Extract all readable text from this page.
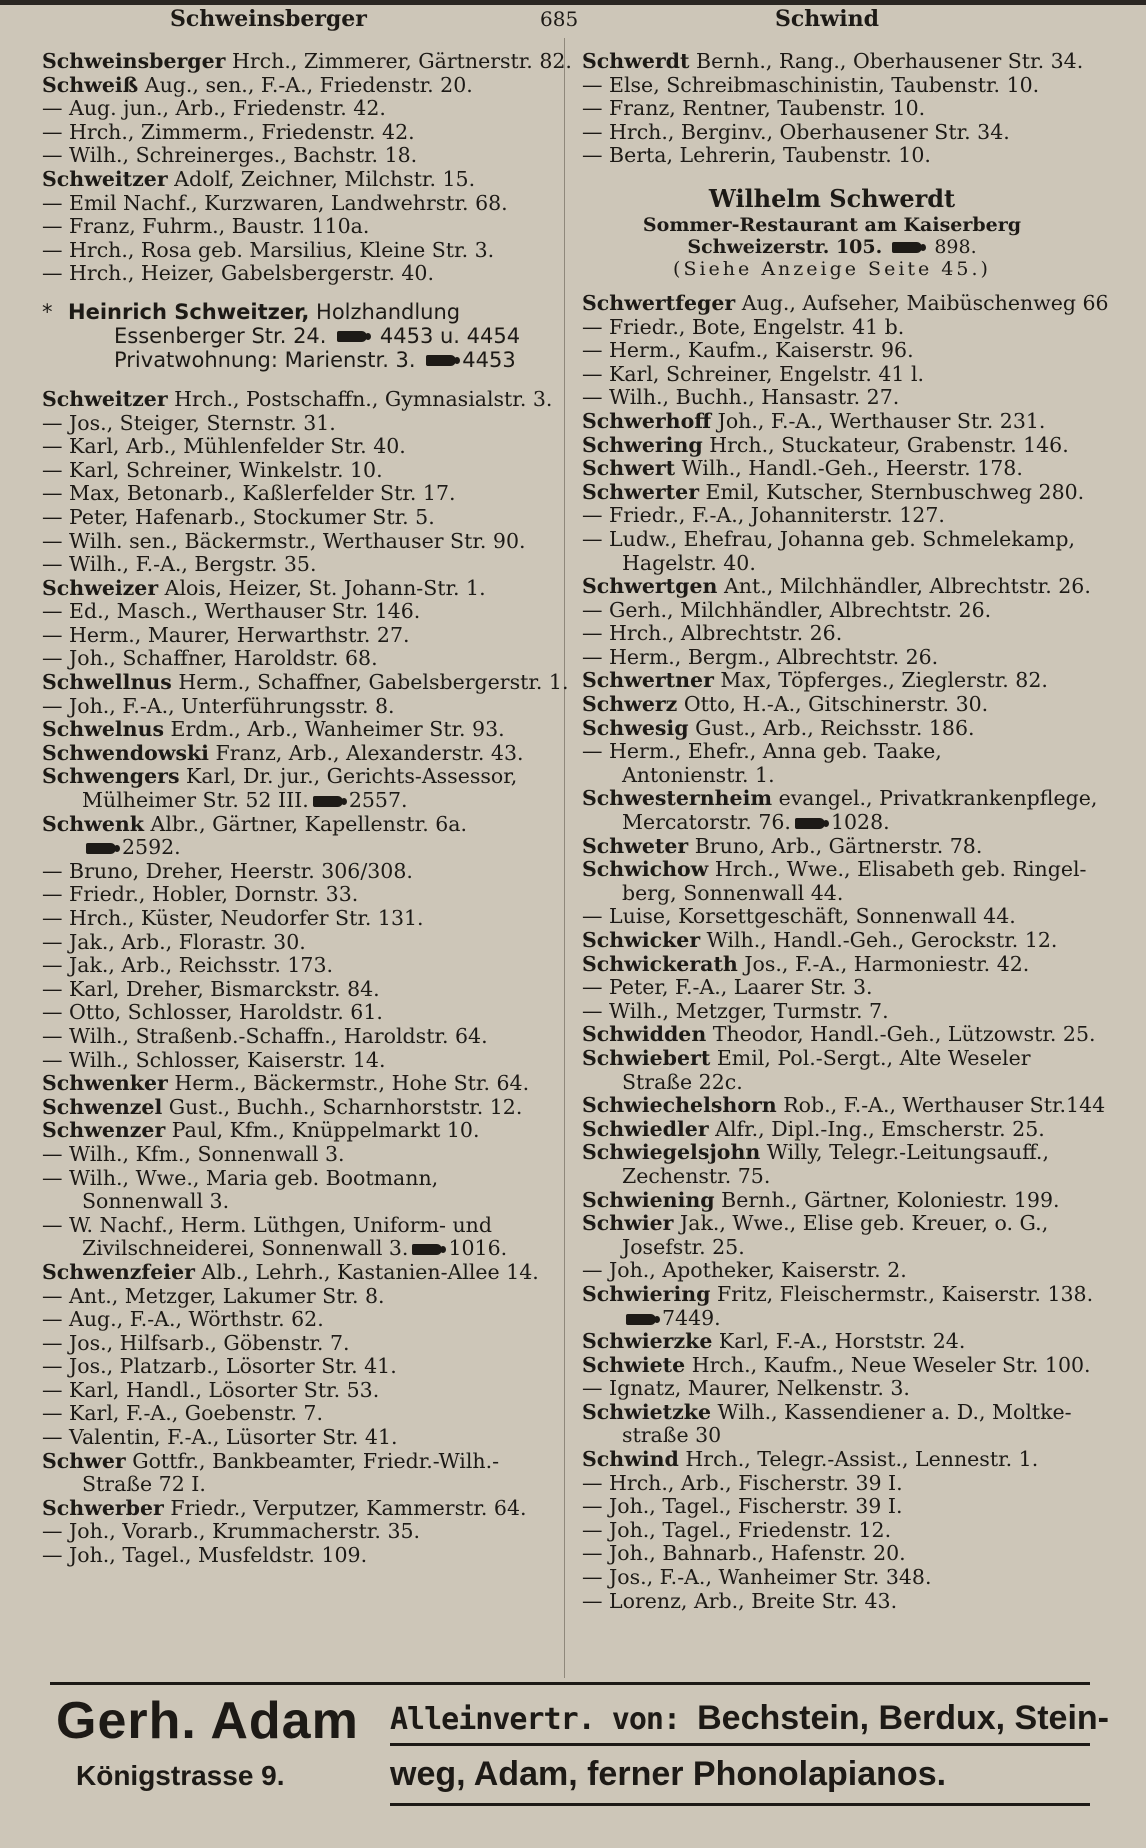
Schweinsberger	685	Schwind
Schweinsberger Hrch., Zimmerer, Gärtnerstr. 82.
Schweiß Aug., sen., F.-A., Friedenstr. 20.
— Aug. jun., Arb., Friedenstr. 42.
— Hrch., Zimmerm., Friedenstr. 42.
— Wilh., Schreinerges., Bachstr. 18.
Schweitzer Adolf, Zeichner, Milchstr. 15.
— Emil Nachf., Kurzwaren, Landwehrstr. 68.
— Franz, Fuhrm., Baustr. 110a.
— Hrch., Rosa geb. Marsilius, Kleine Str. 3.
— Hrch., Heizer, Gabelsbergerstr. 40.
* Heinrich Schweitzer, Holzhandlung
Essenberger Str. 24.	4453 u. 4454
Privatwohnung: Marienstr. 3. 4453
Schweitzer Hrch., Postschaffn., Gymnasialstr. 3.
— Jos., Steiger, Sternstr. 31.
— Karl, Arb., Mühlenfelder Str. 40.
— Karl, Schreiner, Winkelstr. 10.
— Max, Betonarb., Kaßlerfelder Str. 17.
— Peter, Hafenarb., Stockumer Str. 5.
— Wilh. sen., Bäckermstr., Werthauser Str. 90.
— Wilh., F.-A., Bergstr. 35.
Schweizer Alois, Heizer, St. Johann-Str. 1.
— Ed., Masch., Werthauser Str. 146.
— Herm., Maurer, Herwarthstr. 27.
— Joh., Schaffner, Haroldstr. 68.
Schwellnus Herm., Schaffner, Gabelsbergerstr. 1.
— Joh., F.-A., Unterführungsstr. 8.
Schwelnus Erdm., Arb., Wanheimer Str. 93.
Schwendowski Franz, Arb., Alexanderstr. 43.
Schwengers Karl, Dr. jur., Gerichts-Assessor,
Mülheimer Str. 52 III. 2557.
Schwenk Albr., Gärtner, Kapellenstr. 6a.
2592.
— Bruno, Dreher, Heerstr. 306/308.
— Friedr., Hobler, Dornstr. 33.
— Hrch., Küster, Neudorfer Str. 131.
— Jak., Arb., Florastr. 30.
— Jak., Arb., Reichsstr. 173.
— Karl, Dreher, Bismarckstr. 84.
— Otto, Schlosser, Haroldstr. 61.
— Wilh., Straßenb.-Schaffn., Haroldstr. 64.
— Wilh., Schlosser, Kaiserstr. 14.
Schwenker Herm., Bäckermstr., Hohe Str. 64.
Schwenzel Gust., Buchh., Scharnhorststr. 12.
Schwenzer Paul, Kfm., Knüppelmarkt 10.
— Wilh., Kfm., Sonnenwall 3.
— Wilh., Wwe., Maria geb. Bootmann,
Sonnenwall 3.
— W. Nachf., Herm. Lüthgen, Uniform- und
Zivilschneiderei, Sonnenwall 3. 1016.
Schwenzfeier Alb., Lehrh., Kastanien-Allee 14.
— Ant., Metzger, Lakumer Str. 8.
— Aug., F.-A., Wörthstr. 62.
— Jos., Hilfsarb., Göbenstr. 7.
— Jos., Platzarb., Lösorter Str. 41.
— Karl, Handl., Lösorter Str. 53.
— Karl, F.-A., Goebenstr. 7.
— Valentin, F.-A., Lüsorter Str. 41.
Schwer Gottfr., Bankbeamter, Friedr.-Wilh.-
Straße 72 I.
Schwerber Friedr., Verputzer, Kammerstr. 64.
— Joh., Vorarb., Krummacherstr. 35.
— Joh., Tagel., Musfeldstr. 109.
Schwerdt Bernh., Rang., Oberhausener Str. 34.
— Else, Schreibmaschinistin, Taubenstr. 10.
— Franz, Rentner, Taubenstr. 10.
— Hrch., Berginv., Oberhausener Str. 34.
— Berta, Lehrerin, Taubenstr. 10.
Wilhelm Schwerdt
Sommer-Restaurant am Kaiserberg
Schweizerstr. 105.	898.
(Siehe Anzeige Seite 45.)
Schwertfeger Aug., Aufseher, Maibüschenweg 66
— Friedr., Bote, Engelstr. 41 b.
— Herm., Kaufm., Kaiserstr. 96.
— Karl, Schreiner, Engelstr. 41 l.
— Wilh., Buchh., Hansastr. 27.
Schwerhoff Joh., F.-A., Werthauser Str. 231.
Schwering Hrch., Stuckateur, Grabenstr. 146.
Schwert Wilh., Handl.-Geh., Heerstr. 178.
Schwerter Emil, Kutscher, Sternbuschweg 280.
— Friedr., F.-A., Johanniterstr. 127.
— Ludw., Ehefrau, Johanna geb. Schmelekamp,
Hagelstr. 40.
Schwertgen Ant., Milchhändler, Albrechtstr. 26.
— Gerh., Milchhändler, Albrechtstr. 26.
— Hrch., Albrechtstr. 26.
— Herm., Bergm., Albrechtstr. 26.
Schwertner Max, Töpferges., Zieglerstr. 82.
Schwerz Otto, H.-A., Gitschinerstr. 30.
Schwesig Gust., Arb., Reichsstr. 186.
— Herm., Ehefr., Anna geb. Taake,
Antonienstr. 1.
Schwesternheim evangel., Privatkrankenpflege,
Mercatorstr. 76. 1028.
Schweter Bruno, Arb., Gärtnerstr. 78.
Schwichow Hrch., Wwe., Elisabeth geb. Ringel-
berg, Sonnenwall 44.
— Luise, Korsettgeschäft, Sonnenwall 44.
Schwicker Wilh., Handl.-Geh., Gerockstr. 12.
Schwickerath Jos., F.-A., Harmoniestr. 42.
— Peter, F.-A., Laarer Str. 3.
— Wilh., Metzger, Turmstr. 7.
Schwidden Theodor, Handl.-Geh., Lützowstr. 25.
Schwiebert Emil, Pol.-Sergt., Alte Weseler
Straße 22c.
Schwiechelshorn Rob., F.-A., Werthauser Str.144
Schwiedler Alfr., Dipl.-Ing., Emscherstr. 25.
Schwiegelsjohn Willy, Telegr.-Leitungsauff.,
Zechenstr. 75.
Schwiening Bernh., Gärtner, Koloniestr. 199.
Schwier Jak., Wwe., Elise geb. Kreuer, o. G.,
Josefstr. 25.
— Joh., Apotheker, Kaiserstr. 2.
Schwiering Fritz, Fleischermstr., Kaiserstr. 138.
7449.
Schwierzke Karl, F.-A., Horststr. 24.
Schwiete Hrch., Kaufm., Neue Weseler Str. 100.
— Ignatz, Maurer, Nelkenstr. 3.
Schwietzke Wilh., Kassendiener a. D., Moltke-
straße 30
Schwind Hrch., Telegr.-Assist., Lennestr. 1.
— Hrch., Arb., Fischerstr. 39 I.
— Joh., Tagel., Fischerstr. 39 I.
— Joh., Tagel., Friedenstr. 12.
— Joh., Bahnarb., Hafenstr. 20.
— Jos., F.-A., Wanheimer Str. 348.
— Lorenz, Arb., Breite Str. 43.
Gerh. Adam
Königstrasse 9.
Alleinvertr. von: Bechstein, Berdux, Stein-
weg, Adam, ferner Phonolapianos.
